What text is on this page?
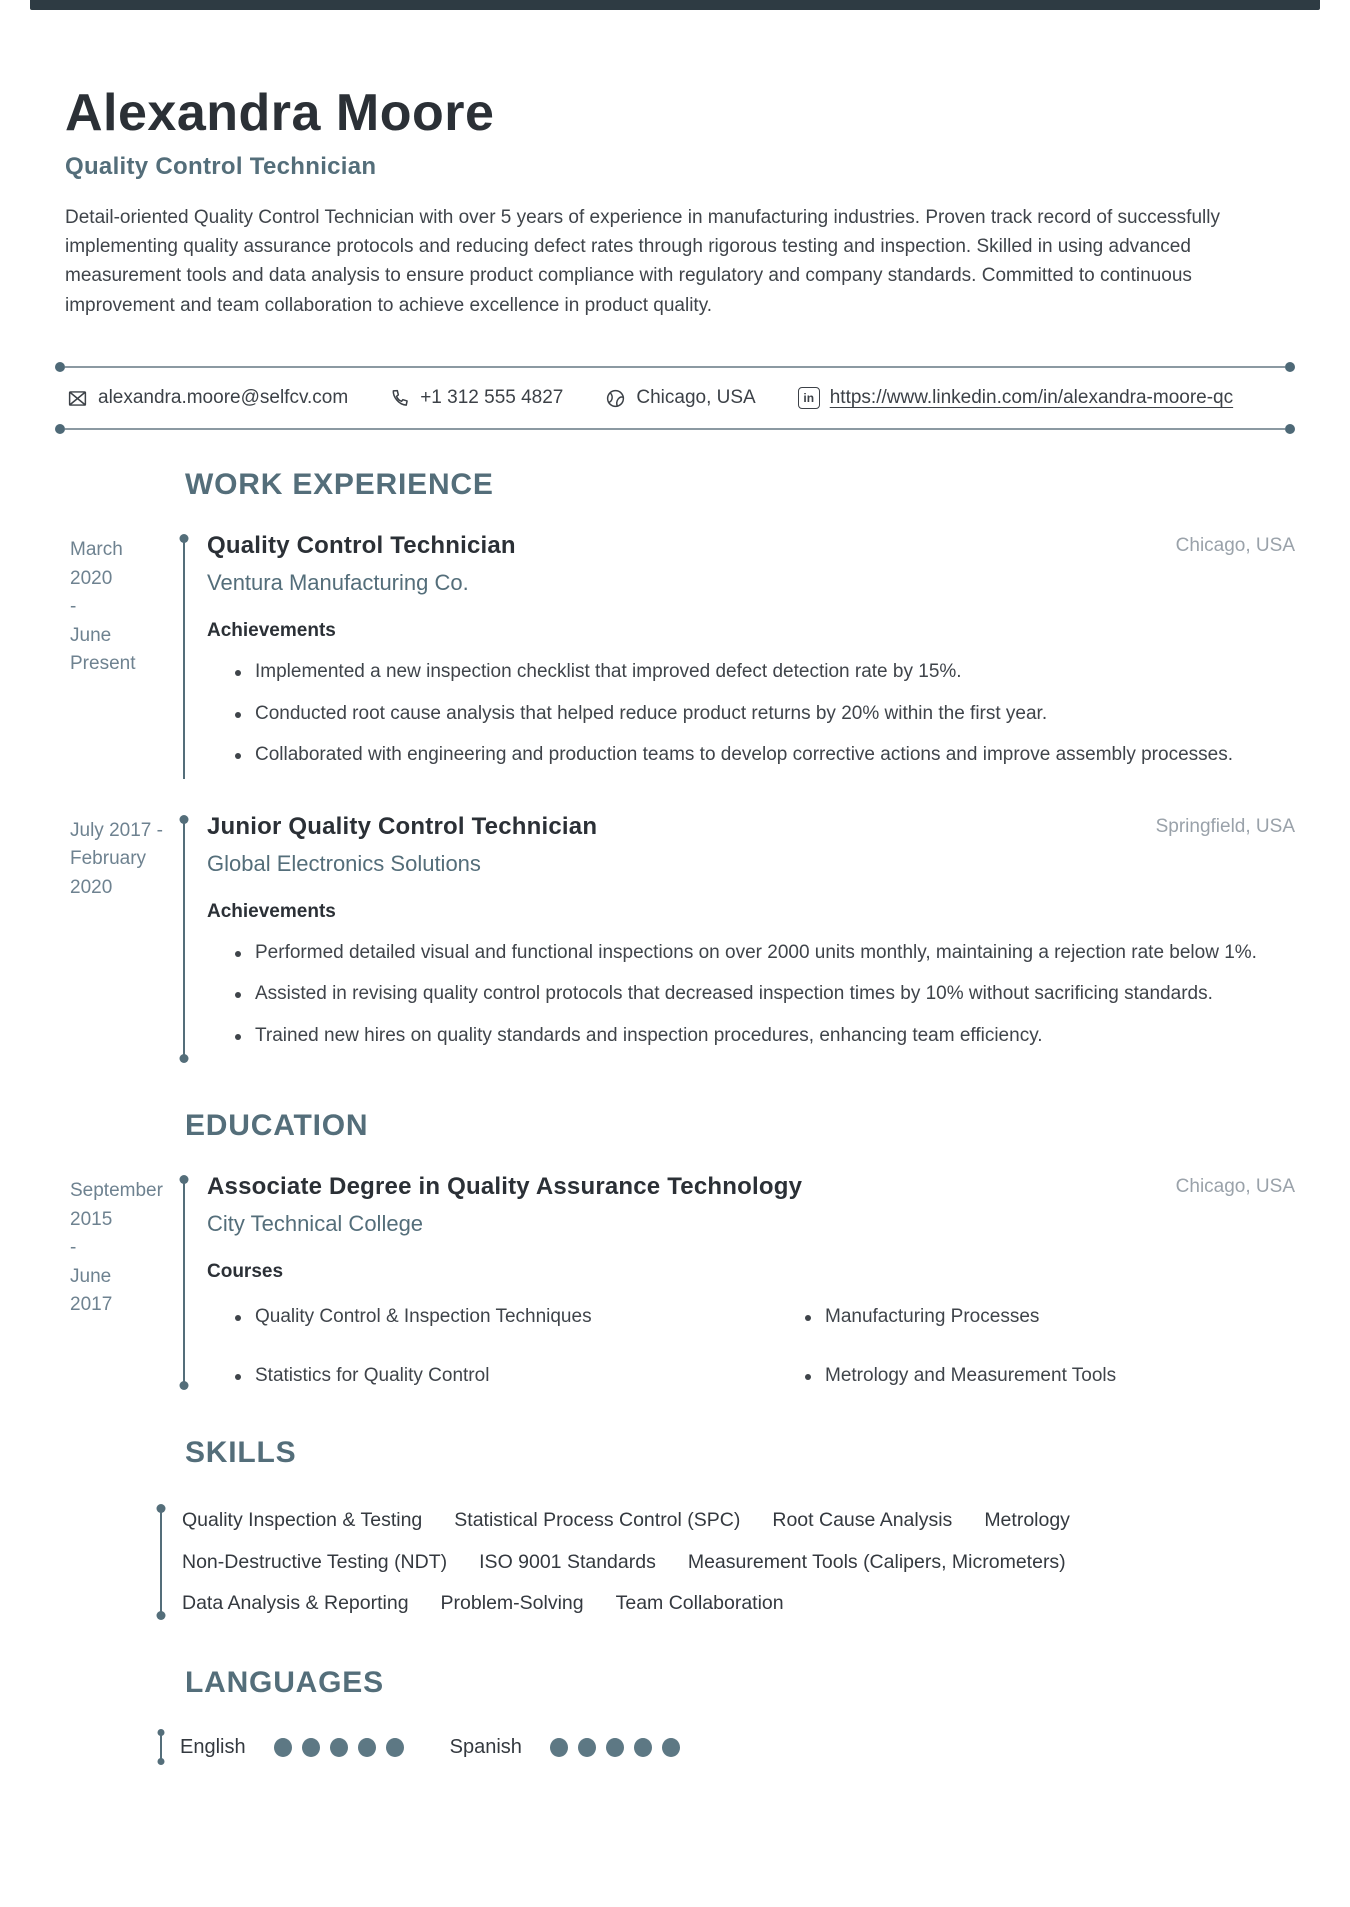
Alexandra Moore
Quality Control Technician
Detail-oriented Quality Control Technician with over 5 years of experience in manufacturing industries. Proven track record of successfully implementing quality assurance protocols and reducing defect rates through rigorous testing and inspection. Skilled in using advanced measurement tools and data analysis to ensure product compliance with regulatory and company standards. Committed to continuous improvement and team collaboration to achieve excellence in product quality.
alexandra.moore@selfcv.com	+1 312 555 4827	Chicago, USA	in https://www.linkedin.com/in/alexandra-moore-qc
WORK EXPERIENCE
March 2020 - June Present
Quality Control Technician	Chicago, USA
Ventura Manufacturing Co.
Achievements
Implemented a new inspection checklist that improved defect detection rate by 15%.
Conducted root cause analysis that helped reduce product returns by 20% within the first year.
Collaborated with engineering and production teams to develop corrective actions and improve assembly processes.
July 2017 - February 2020
Junior Quality Control Technician	Springfield, USA
Global Electronics Solutions
Achievements
Performed detailed visual and functional inspections on over 2000 units monthly, maintaining a rejection rate below 1%.
Assisted in revising quality control protocols that decreased inspection times by 10% without sacrificing standards.
Trained new hires on quality standards and inspection procedures, enhancing team efficiency.
EDUCATION
September 2015 - June 2017
Associate Degree in Quality Assurance Technology	Chicago, USA
City Technical College
Courses
Quality Control & Inspection Techniques	Manufacturing Processes
Statistics for Quality Control	Metrology and Measurement Tools
SKILLS
Quality Inspection & Testing Statistical Process Control (SPC) Root Cause Analysis Metrology
Non-Destructive Testing (NDT) ISO 9001 Standards Measurement Tools (Calipers, Micrometers)
Data Analysis & Reporting Problem-Solving Team Collaboration
LANGUAGES
English	Spanish
